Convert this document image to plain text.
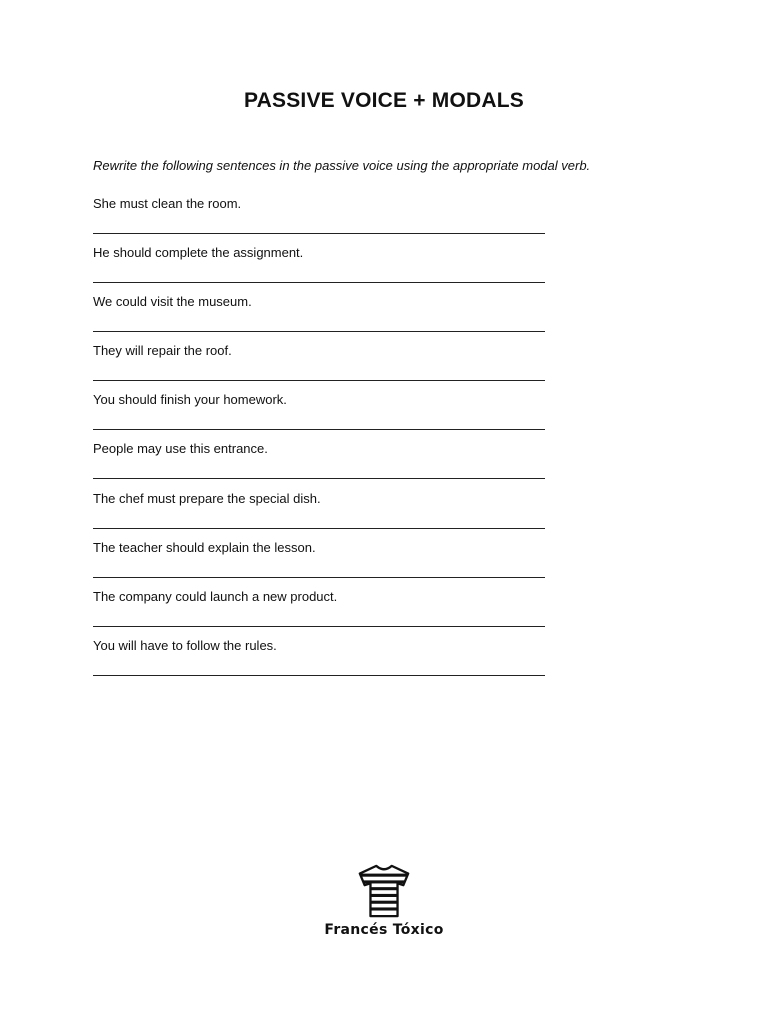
PASSIVE VOICE + MODALS
Rewrite the following sentences in the passive voice using the appropriate modal verb.
She must clean the room.
He should complete the assignment.
We could visit the museum.
They will repair the roof.
You should finish your homework.
People may use this entrance.
The chef must prepare the special dish.
The teacher should explain the lesson.
The company could launch a new product.
You will have to follow the rules.
Francés Tóxico
